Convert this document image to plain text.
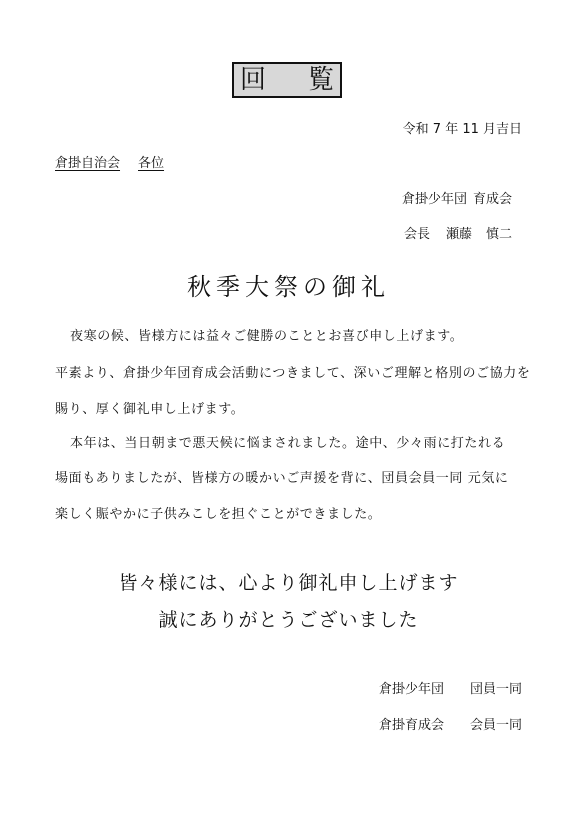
回 覧
令和 7 年 11 月吉日
倉掛自治会 各位
倉掛少年団 育成会
会長 瀬藤 慎二
秋季大祭の御礼
夜寒の候、皆様方には益々ご健勝のこととお喜び申し上げます。
平素より、倉掛少年団育成会活動につきまして、深いご理解と格別のご協力を
賜り、厚く御礼申し上げます。
本年は、当日朝まで悪天候に悩まされました。途中、少々雨に打たれる
場面もありましたが、皆様方の暖かいご声援を背に、団員会員一同 元気に
楽しく賑やかに子供みこしを担ぐことができました。
皆々様には、心より御礼申し上げます
誠にありがとうございました
倉掛少年団 団員一同
倉掛育成会 会員一同
